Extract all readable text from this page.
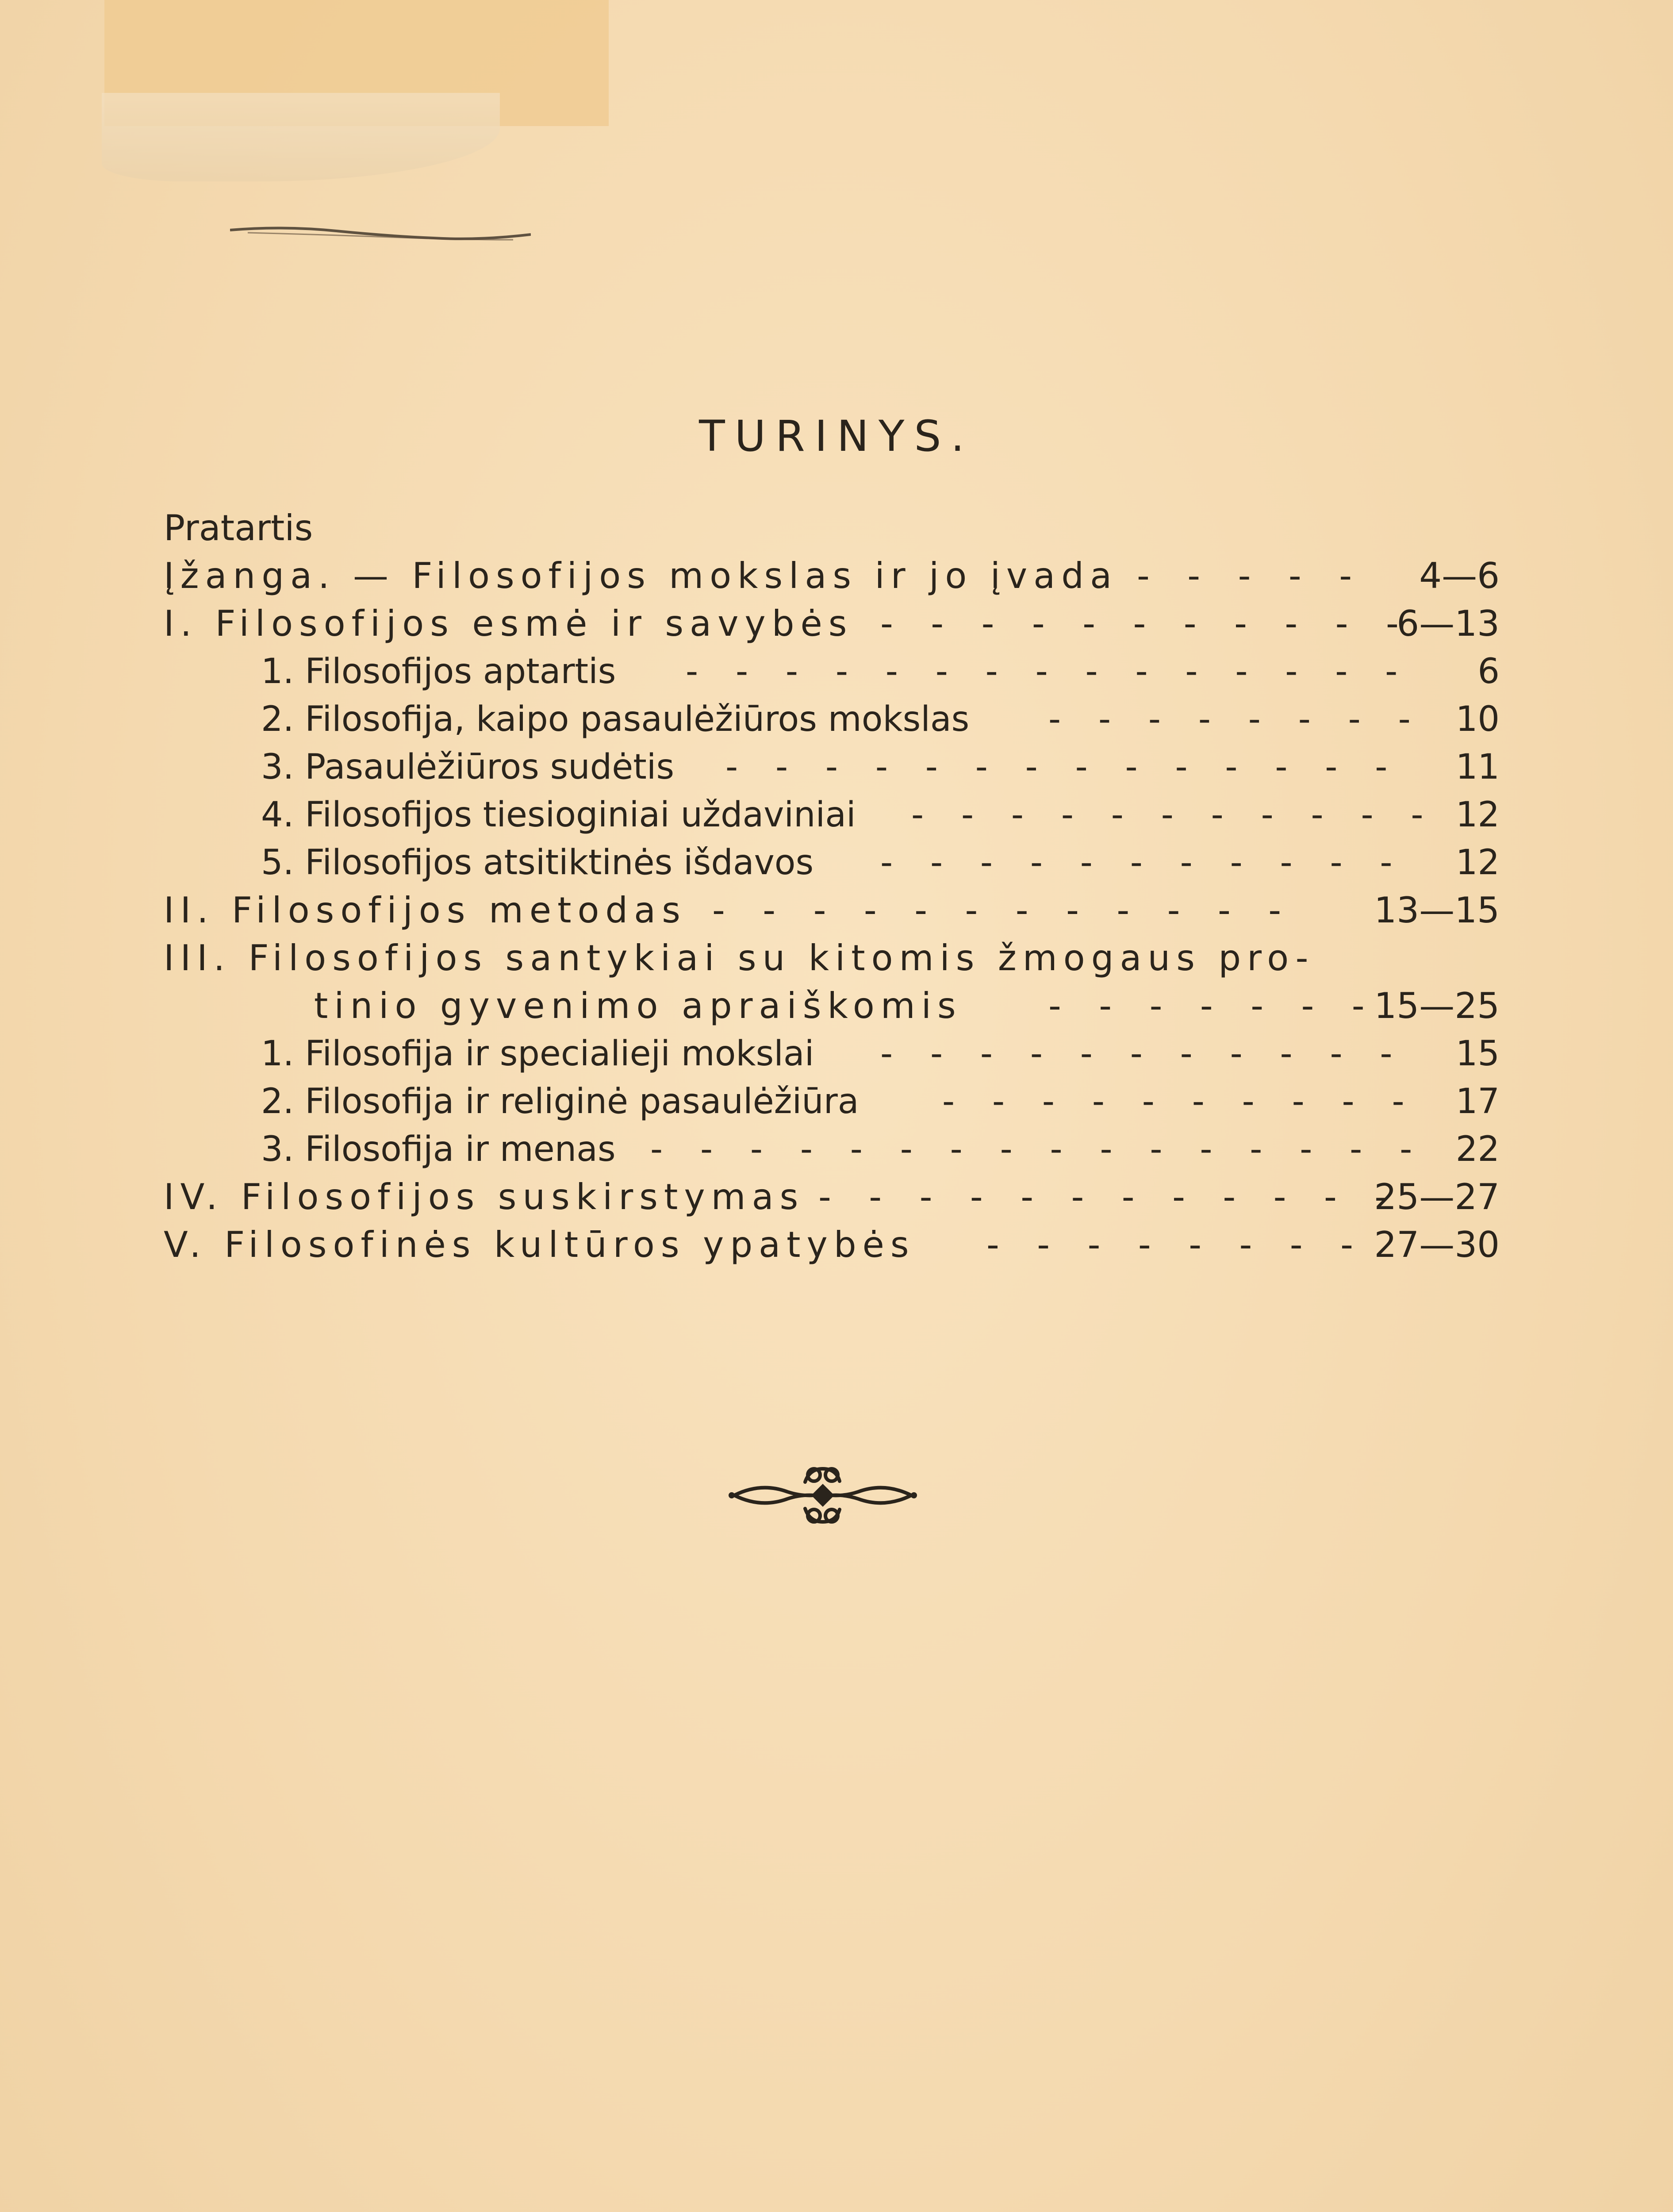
TURINYS.
Pratartis
Įžanga. — Filosofijos mokslas ir jo įvada - - - - - 4—6
I. Filosofijos esmė ir savybės - - - - - - - - - - -
6—13
1. Filosofijos aptartis - - - - - - - - - - - - - - - 6
2. Filosofija, kaipo pasaulėžiūros mokslas - - - - - - - - 10
3. Pasaulėžiūros sudėtis - - - - - - - - - - - - - - 11
4. Filosofijos tiesioginiai uždaviniai - - - - - - - - - - - 12
5. Filosofijos atsitiktinės išdavos - - - - - - - - - - - 12
II. Filosofijos metodas - - - - - - - - - - - - 13—15
III. Filosofijos santykiai su kitomis žmogaus pro-
tinio gyvenimo apraiškomis - - - - - - -
15—25
1. Filosofija ir specialieji mokslai - - - - - - - - - - - 15
2. Filosofija ir religinė pasaulėžiūra - - - - - - - - - - 17
3. Filosofija ir menas - - - - - - - - - - - - - - - - 22
IV. Filosofijos suskirstymas - - - - - - - - - - - -
25—27
V. Filosofinės kultūros ypatybės - - - - - - - - 27—30
